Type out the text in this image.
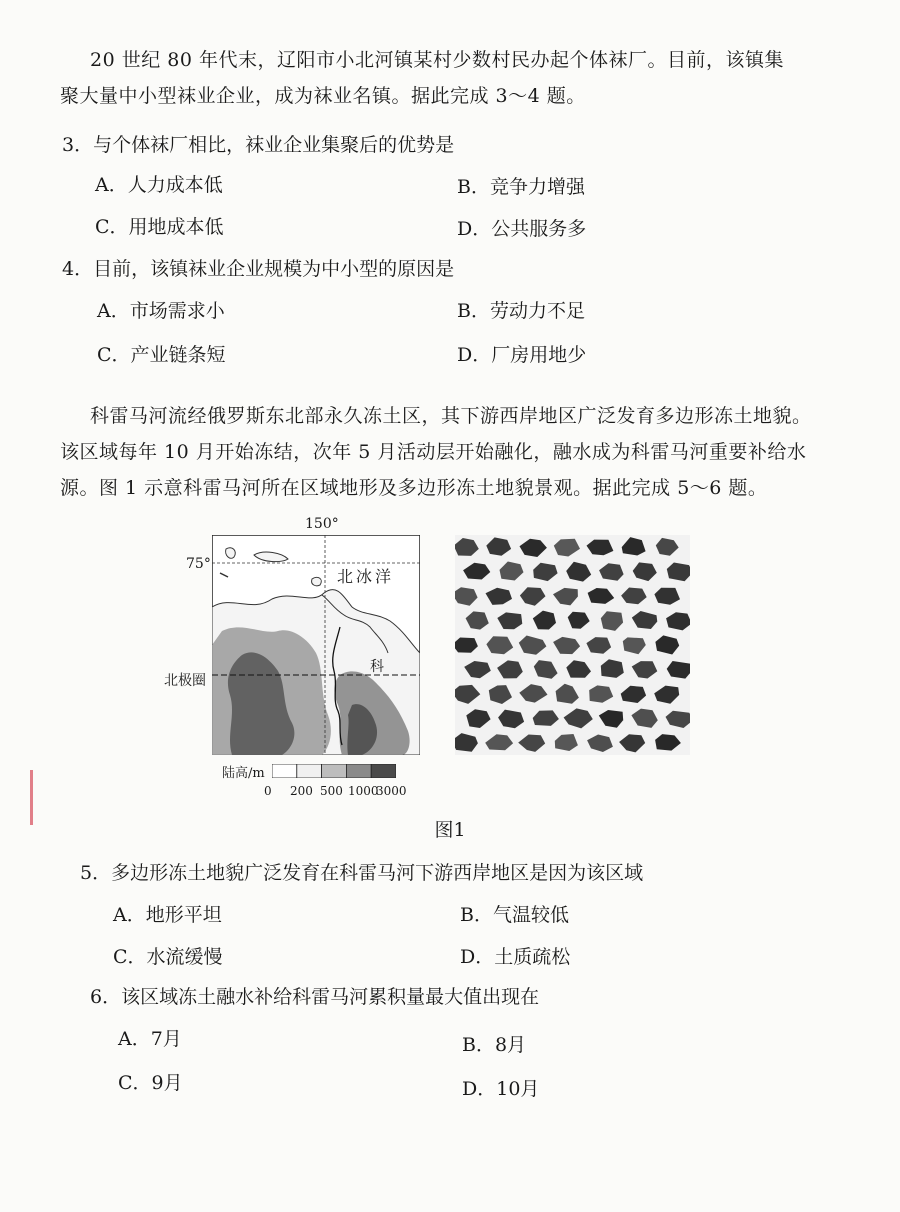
20 世纪 80 年代末，辽阳市小北河镇某村少数村民办起个体袜厂。目前，该镇集

聚大量中小型袜业企业，成为袜业名镇。据此完成 3～4 题。

3．与个体袜厂相比，袜业企业集聚后的优势是
A．人力成本低	B．竞争力增强
C．用地成本低	D．公共服务多
4．目前，该镇袜业企业规模为中小型的原因是
A．市场需求小	B．劳动力不足
C．产业链条短	D．厂房用地少

科雷马河流经俄罗斯东北部永久冻土区，其下游西岸地区广泛发育多边形冻土地貌。

该区域每年 10 月开始冻结，次年 5 月活动层开始融化，融水成为科雷马河重要补给水

源。图 1 示意科雷马河所在区域地形及多边形冻土地貌景观。据此完成 5～6 题。

150°
75°
北极圈
北冰洋
科
陆高/m
0 200 500 1000
3000
图1
5．多边形冻土地貌广泛发育在科雷马河下游西岸地区是因为该区域
A．地形平坦	B．气温较低
C．水流缓慢	D．土质疏松
6．该区域冻土融水补给科雷马河累积量最大值出现在
A．7月	B．8月
C．9月	D．10月
